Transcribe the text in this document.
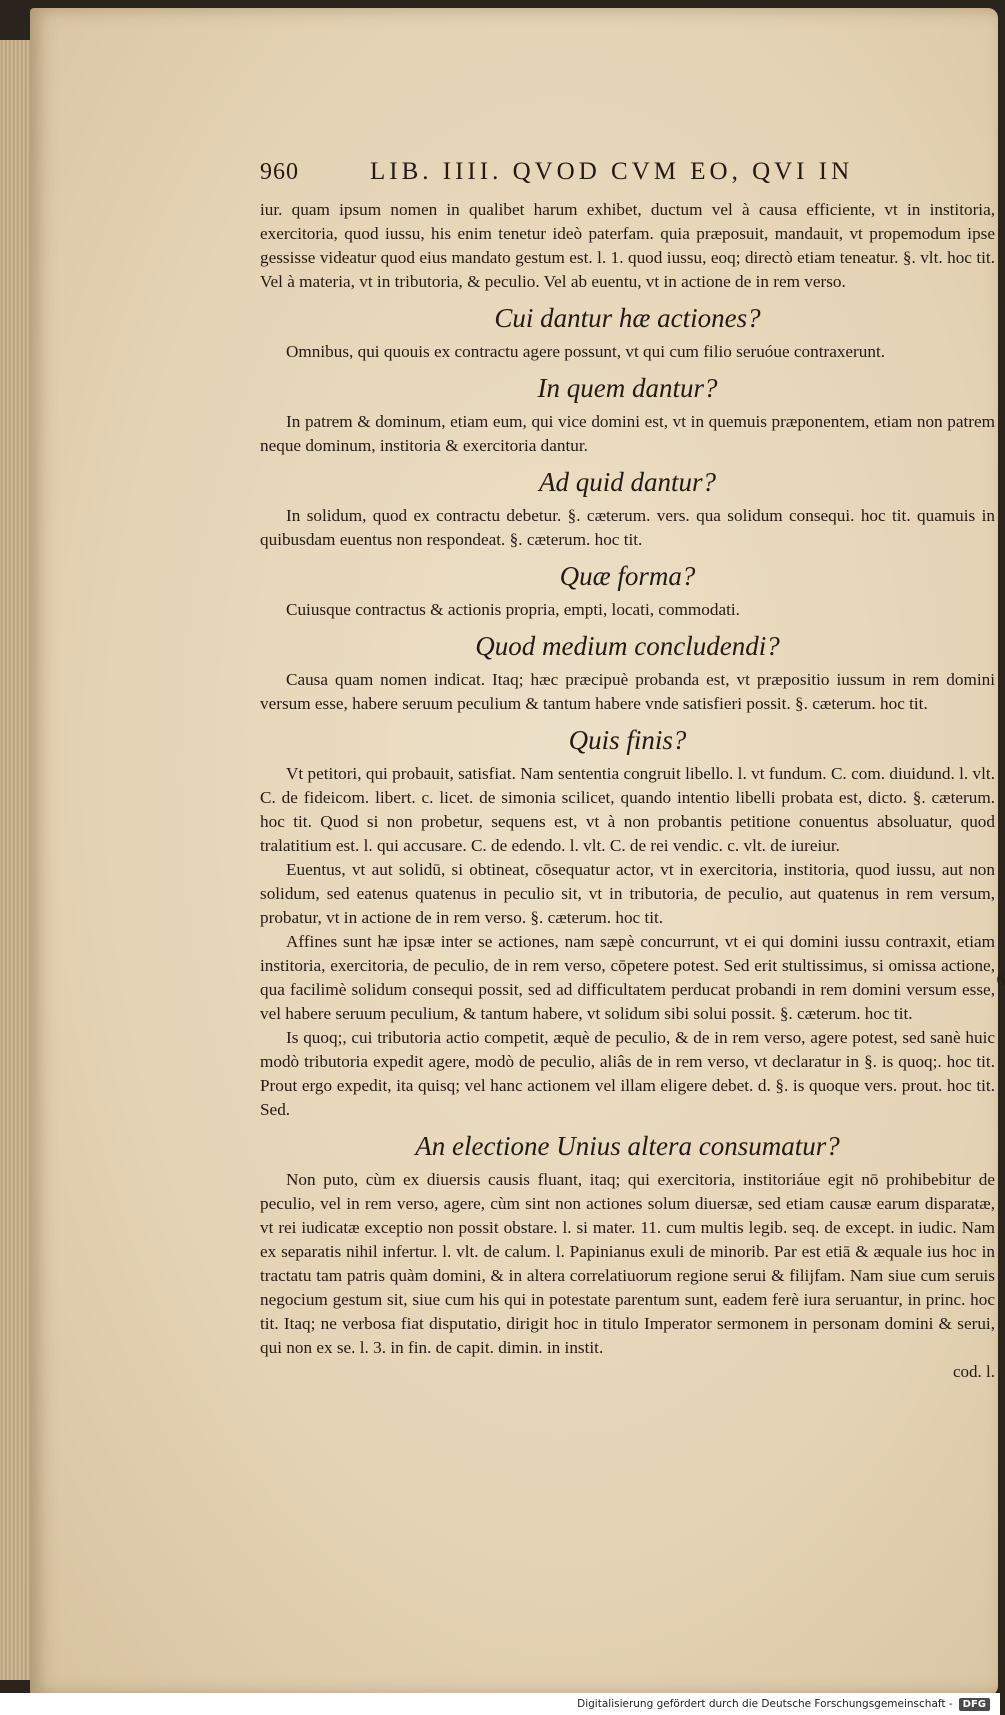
960	LIB. IIII. QVOD CVM EO, QVI IN

iur. quam ipsum nomen in qualibet harum exhibet, ductum vel à causa efficiente, vt in institoria, exercitoria, quod iussu, his enim tenetur ideò paterfam. quia præposuit, mandauit, vt propemodum ipse gessisse videatur quod eius mandato gestum est. l. 1. quod iussu, eoq; directò etiam teneatur. §. vlt. hoc tit. Vel à materia, vt in tributoria, & peculio. Vel ab euentu, vt in actione de in rem verso.

Cui dantur hæ actiones?

Omnibus, qui quouis ex contractu agere possunt, vt qui cum filio seruóue contraxerunt.

In quem dantur?

In patrem & dominum, etiam eum, qui vice domini est, vt in quemuis præponentem, etiam non patrem neque dominum, institoria & exercitoria dantur.

Ad quid dantur?

In solidum, quod ex contractu debetur. §. cæterum. vers. qua solidum consequi. hoc tit. quamuis in quibusdam euentus non respondeat. §. cæterum. hoc tit.

Quæ forma?

Cuiusque contractus & actionis propria, empti, locati, commodati.

Quod medium concludendi?

Causa quam nomen indicat. Itaq; hæc præcipuè probanda est, vt præpositio iussum in rem domini versum esse, habere seruum peculium & tantum habere vnde satisfieri possit. §. cæterum. hoc tit.

Quis finis?

Vt petitori, qui probauit, satisfiat. Nam sententia congruit libello. l. vt fundum. C. com. diuidund. l. vlt. C. de fideicom. libert. c. licet. de simonia scilicet, quando intentio libelli probata est, dicto. §. cæterum. hoc tit. Quod si non probetur, sequens est, vt à non probantis petitione conuentus absoluatur, quod tralatitium est. l. qui accusare. C. de edendo. l. vlt. C. de rei vendic. c. vlt. de iureiur.

Euentus, vt aut solidū, si obtineat, cōsequatur actor, vt in exercitoria, institoria, quod iussu, aut non solidum, sed eatenus quatenus in peculio sit, vt in tributoria, de peculio, aut quatenus in rem versum, probatur, vt in actione de in rem verso. §. cæterum. hoc tit.

Affines sunt hæ ipsæ inter se actiones, nam sæpè concurrunt, vt ei qui domini iussu contraxit, etiam institoria, exercitoria, de peculio, de in rem verso, cōpetere potest. Sed erit stultissimus, si omissa actione, qua facilimè solidum consequi possit, sed ad difficultatem perducat probandi in rem domini versum esse, vel habere seruum peculium, & tantum habere, vt solidum sibi solui possit. §. cæterum. hoc tit.

Is quoq;, cui tributoria actio competit, æquè de peculio, & de in rem verso, agere potest, sed sanè huic modò tributoria expedit agere, modò de peculio, aliâs de in rem verso, vt declaratur in §. is quoq;. hoc tit. Prout ergo expedit, ita quisq; vel hanc actionem vel illam eligere debet. d. §. is quoque vers. prout. hoc tit. Sed.

An electione Unius altera consumatur?

Non puto, cùm ex diuersis causis fluant, itaq; qui exercitoria, institoriáue egit nō prohibebitur de peculio, vel in rem verso, agere, cùm sint non actiones solum diuersæ, sed etiam causæ earum disparatæ, vt rei iudicatæ exceptio non possit obstare. l. si mater. 11. cum multis legib. seq. de except. in iudic. Nam ex separatis nihil infertur. l. vlt. de calum. l. Papinianus exuli de minorib. Par est etiā & æquale ius hoc in tractatu tam patris quàm domini, & in altera correlatiuorum regione serui & filijfam. Nam siue cum seruis negocium gestum sit, siue cum his qui in potestate parentum sunt, eadem ferè iura seruantur, in princ. hoc tit. Itaq; ne verbosa fiat disputatio, dirigit hoc in titulo Imperator sermonem in personam domini & serui, qui non ex se. l. 3. in fin. de capit. dimin. in instit.

cod. l.
6
Digitalisierung gefördert durch die Deutsche Forschungsgemeinschaft -	DFG
